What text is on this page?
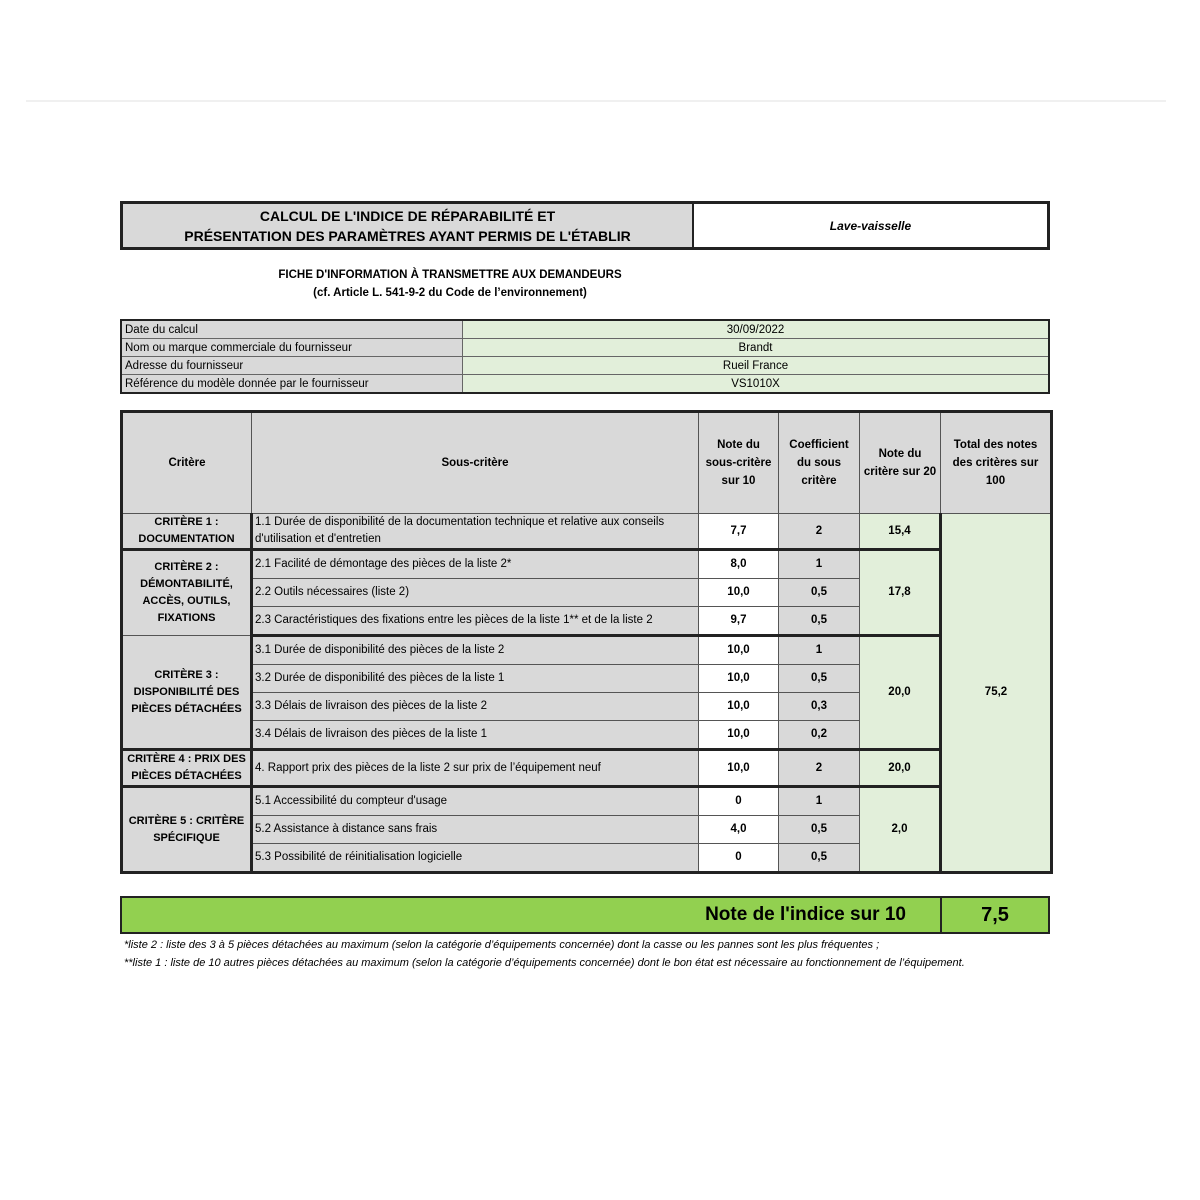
CALCUL DE L'INDICE DE RÉPARABILITÉ ET
PRÉSENTATION DES PARAMÈTRES AYANT PERMIS DE L'ÉTABLIR
Lave-vaisselle
FICHE D'INFORMATION À TRANSMETTRE AUX DEMANDEURS
(cf. Article L. 541-9-2 du Code de l’environnement)
Date du calcul	30/09/2022
Nom ou marque commerciale du fournisseur	Brandt
Adresse du fournisseur	Rueil France
Référence du modèle donnée par le fournisseur	VS1010X
Critère	Sous-critère	Note du sous-critère sur 10	Coefficient du sous critère	Note du critère sur 20	Total des notes des critères sur 100
CRITÈRE 1 : DOCUMENTATION	1.1 Durée de disponibilité de la documentation technique et relative aux conseils d'utilisation et d'entretien	7,7	2	15,4	75,2
CRITÈRE 2 : DÉMONTABILITÉ, ACCÈS, OUTILS, FIXATIONS	2.1 Facilité de démontage des pièces de la liste 2*	8,0	1	17,8	
	2.2 Outils nécessaires (liste 2)	10,0	0,5		
	2.3 Caractéristiques des fixations entre les pièces de la liste 1** et de la liste 2	9,7	0,5		
CRITÈRE 3 : DISPONIBILITÉ DES PIÈCES DÉTACHÉES	3.1 Durée de disponibilité des pièces de la liste 2	10,0	1	20,0	
	3.2 Durée de disponibilité des pièces de la liste 1	10,0	0,5		
	3.3 Délais de livraison des pièces de la liste 2	10,0	0,3		
	3.4 Délais de livraison des pièces de la liste 1	10,0	0,2		
CRITÈRE 4 : PRIX DES PIÈCES DÉTACHÉES	4. Rapport prix des pièces de la liste 2 sur prix de l’équipement neuf	10,0	2	20,0	
CRITÈRE 5 : CRITÈRE SPÉCIFIQUE	5.1 Accessibilité du compteur d'usage	0	1	2,0	
	5.2 Assistance à distance sans frais	4,0	0,5		
	5.3 Possibilité de réinitialisation logicielle	0	0,5		
Note de l'indice sur 10	7,5

*liste 2 : liste des 3 à 5 pièces détachées au maximum (selon la catégorie d’équipements concernée) dont la casse ou les pannes sont les plus fréquentes ;

**liste 1 : liste de 10 autres pièces détachées au maximum (selon la catégorie d’équipements concernée) dont le bon état est nécessaire au fonctionnement de l’équipement.
